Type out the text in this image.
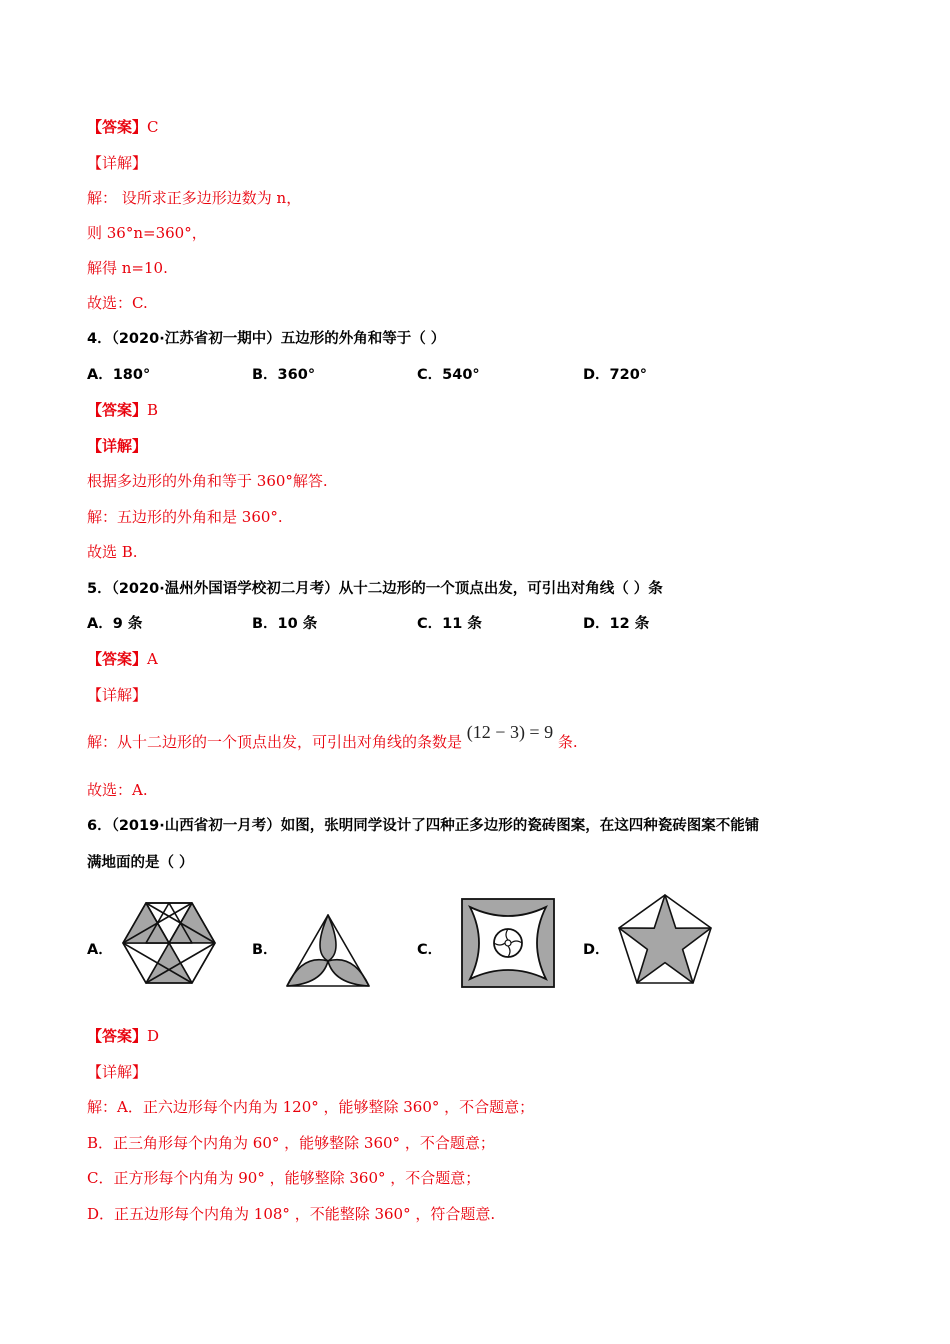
【答案】C
【详解】
解： 设所求正多边形边数为 n，
则 36°n=360°，
解得 n=10.
故选：C.
4．（2020·江苏省初一期中）五边形的外角和等于（ ）
A．180°	B．360°	C．540°	D．720°
【答案】B
【详解】
根据多边形的外角和等于 360°解答.
解：五边形的外角和是 360°.
故选 B.
5．（2020·温州外国语学校初二月考）从十二边形的一个顶点出发，可引出对角线（ ）条
A．9 条	B．10 条	C．11 条	D．12 条
【答案】A
【详解】
解：从十二边形的一个顶点出发，可引出对角线的条数是 (12 − 3) = 9 条.
故选：A.
6．（2019·山西省初一月考）如图，张明同学设计了四种正多边形的瓷砖图案，在这四种瓷砖图案不能铺
满地面的是（ ）
A．	B．	C．	D．
【答案】D
【详解】
解：A．正六边形每个内角为 120° ，能够整除 360° ，不合题意；
B．正三角形每个内角为 60° ，能够整除 360° ，不合题意；
C．正方形每个内角为 90° ，能够整除 360° ，不合题意；
D．正五边形每个内角为 108° ，不能整除 360° ，符合题意.
